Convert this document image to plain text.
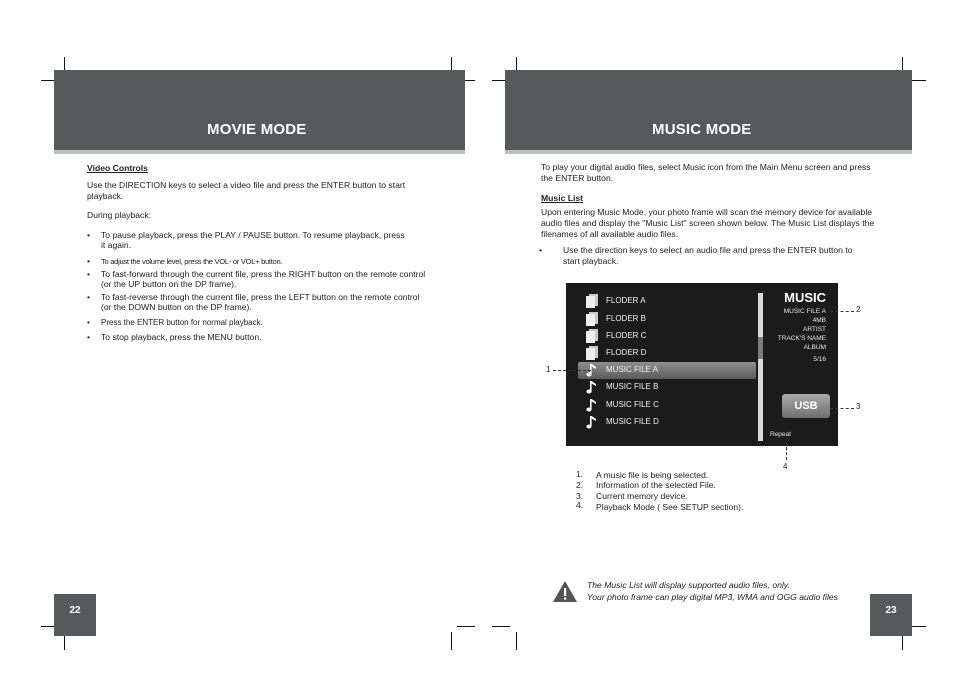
MOVIE MODE
Video Controls
Use the DIRECTION keys to select a video file and press the ENTER button to start playback.
During playback:
• To pause playback, press the PLAY / PAUSE button. To resume playback, press it again.
• To adjust the volume level, press the VOL- or VOL+ button.
• To fast-forward through the current file, press the RIGHT button on the remote control (or the UP button on the DP frame).
• To fast-reverse through the current file, press the LEFT button on the remote control (or the DOWN button on the DP frame).
• Press the ENTER button for normal playback.
• To stop playback, press the MENU button.
22
MUSIC MODE
To play your digital audio files, select Music icon from the Main Menu screen and press the ENTER button.
Music List
Upon entering Music Mode, your photo frame will scan the memory device for available audio files and display the "Music List" screen shown below. The Music List displays the filenames of all available audio files.
• Use the direction keys to select an audio file and press the ENTER button to start playback.
FLODER A
FLODER B
FLODER C
FLODER D
MUSIC FILE A
MUSIC FILE B
MUSIC FILE C
MUSIC FILE D
MUSIC
MUSIC FILE A
4MB
ARTIST
TRACK'S NAME
ALBUM
5/16
USB
Repeat
1
2
3
4
1. A music file is being selected.
2. Information of the selected File.
3. Current memory device.
4. Playback Mode ( See SETUP section).
The Music List will display supported audio files, only.
Your photo frame can play digital MP3, WMA and OGG audio files
23
